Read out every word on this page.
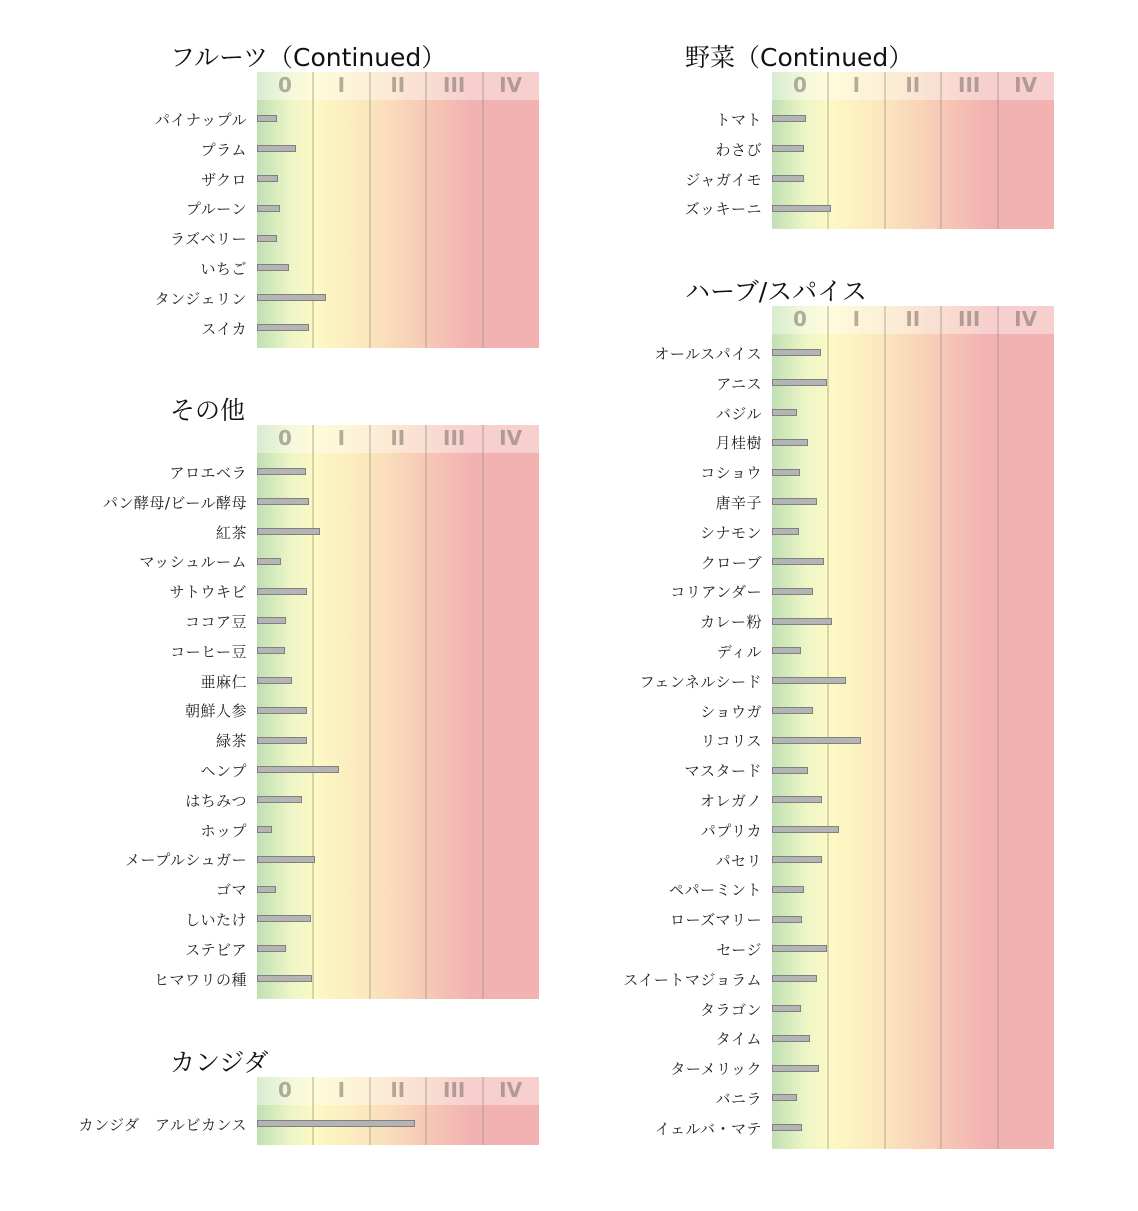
フルーツ（Continued）
パイナップル
プラム
ザクロ
プルーン
ラズベリー
いちご
タンジェリン
スイカ
0	I	II	III	IV
その他
アロエベラ
パン酵母/ビール酵母
紅茶
マッシュルーム
サトウキビ
ココア豆
コーヒー豆
亜麻仁
朝鮮人参
緑茶
ヘンプ
はちみつ
ホップ
メープルシュガー
ゴマ
しいたけ
ステビア
ヒマワリの種
0	I	II	III	IV
カンジダ
カンジダ　アルビカンス
0	I	II	III	IV
野菜（Continued）
トマト
わさび
ジャガイモ
ズッキーニ
0	I	II	III	IV
ハーブ/スパイス
オールスパイス
アニス
バジル
月桂樹
コショウ
唐辛子
シナモン
クローブ
コリアンダー
カレー粉
ディル
フェンネルシード
ショウガ
リコリス
マスタード
オレガノ
パプリカ
パセリ
ペパーミント
ローズマリー
セージ
スイートマジョラム
タラゴン
タイム
ターメリック
バニラ
イェルバ・マテ
0	I	II	III	IV
